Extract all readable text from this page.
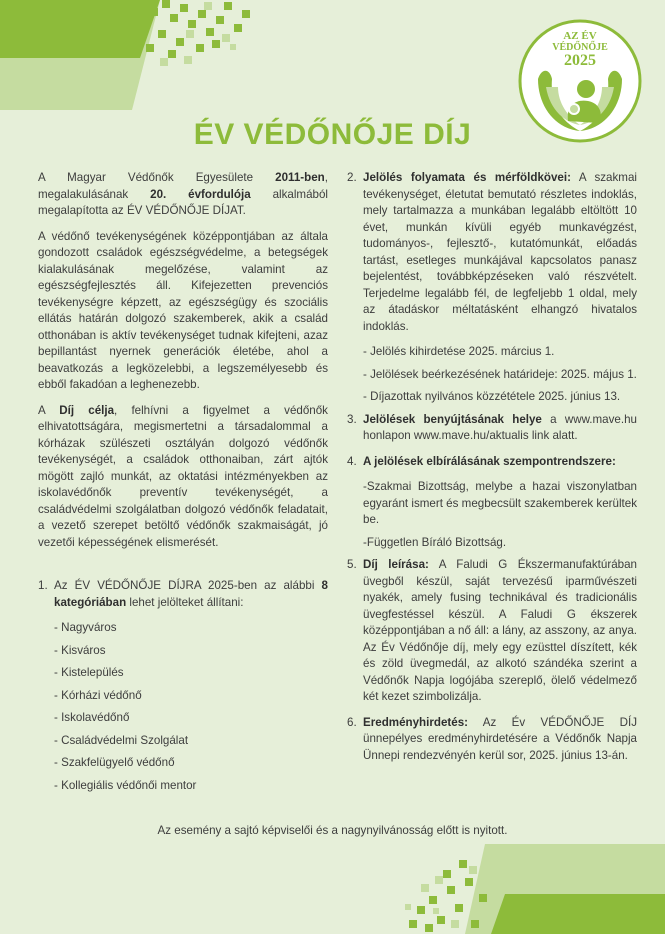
AZ ÉV
VÉDŐNŐJE
2025
ÉV VÉDŐNŐJE DÍJ

A Magyar Védőnők Egyesülete 2011-ben, megalakulásának 20. évfordulója alkalmából megalapította az ÉV VÉDŐNŐJE DÍJAT.

A védőnő tevékenységének középpontjában az általa gondozott családok egészségvédelme, a betegségek kialakulásának megelőzése, valamint az egészségfejlesztés áll. Kifejezetten prevenciós tevékenységre képzett, az egészségügy és szociális ellátás határán dolgozó szakemberek, akik a család otthonában is aktív tevékenységet tudnak kifejteni, azaz bepillantást nyernek generációk életébe, ahol a beavatkozás a legközelebbi, a legszemélyesebb és ebből fakadóan a leghenezebb.

A Díj célja, felhívni a figyelmet a védőnők elhivatottságára, megismertetni a társadalommal a kórházak szülészeti osztályán dolgozó védőnők tevékenységét, a családok otthonaiban, zárt ajtók mögött zajló munkát, az oktatási intézményekben az iskolavédőnők preventív tevékenységét, a családvédelmi szolgálatban dolgozó védőnők feladatait, a vezető szerepet betöltő védőnők szakmaiságát, jó vezetői képességének elismerését.

1. Az ÉV VÉDŐNŐJE DÍJRA 2025-ben az alábbi 8 kategóriában lehet jelölteket állítani:
- Nagyváros
- Kisváros
- Kistelepülés
- Kórházi védőnő
- Iskolavédőnő
- Családvédelmi Szolgálat
- Szakfelügyelő védőnő
- Kollegiális védőnői mentor
2. Jelölés folyamata és mérföldkövei: A szakmai tevékenységet, életutat bemutató részletes indoklás, mely tartalmazza a munkában legalább eltöltött 10 évet, munkán kívüli egyéb munkavégzést, tudományos-, fejlesztő-, kutatómunkát, előadás tartást, esetleges munkájával kapcsolatos panasz bejelentést, továbbképzéseken való részvételt. Terjedelme legalább fél, de legfeljebb 1 oldal, mely az átadáskor méltatásként elhangzó hivatalos indoklás.
- Jelölés kihirdetése 2025. március 1.
- Jelölések beérkezésének határideje: 2025. május 1.
- Díjazottak nyilvános közzététele 2025. június 13.
3. Jelölések benyújtásának helye a www.mave.hu honlapon www.mave.hu/aktualis link alatt.
4. A jelölések elbírálásának szempontrendszere:
-Szakmai Bizottság, melybe a hazai viszonylatban egyaránt ismert és megbecsült szakemberek kerültek be.
-Független Bíráló Bizottság.
5. Díj leírása: A Faludi G Ékszermanufaktúrában üvegből készül, saját tervezésű iparművészeti nyakék, amely fusing technikával és tradicionális üvegfestéssel készül. A Faludi G ékszerek középpontjában a nő áll: a lány, az asszony, az anya. Az Év Védőnője díj, mely egy ezüsttel díszített, kék és zöld üvegmedál, az alkotó szándéka szerint a Védőnők Napja logójába szereplő, ölelő védelmező két kezet szimbolizálja.
6. Eredményhirdetés: Az Év VÉDŐNŐJE DÍJ ünnepélyes eredményhirdetésére a Védőnők Napja Ünnepi rendezvényén kerül sor, 2025. június 13-án.
Az esemény a sajtó képviselői és a nagynyilvánosság előtt is nyitott.
